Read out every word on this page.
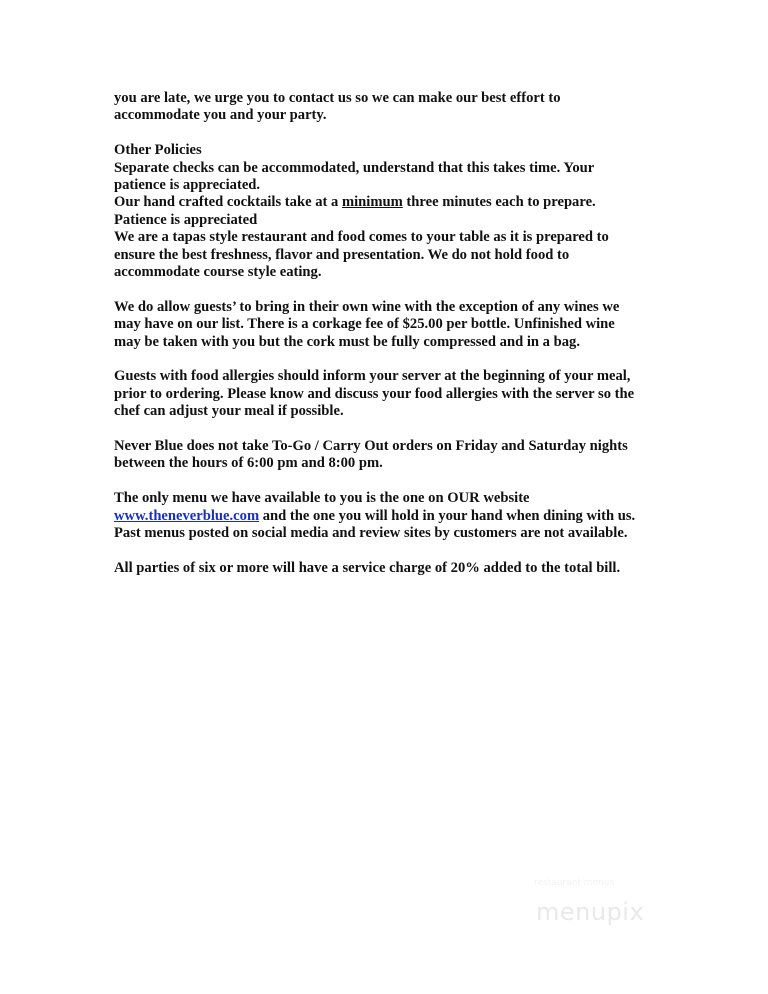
you are late, we urge you to contact us so we can make our best effort to
accommodate you and your party.
Other Policies
Separate checks can be accommodated, understand that this takes time. Your
patience is appreciated.
Our hand crafted cocktails take at a minimum three minutes each to prepare.
Patience is appreciated
We are a tapas style restaurant and food comes to your table as it is prepared to
ensure the best freshness, flavor and presentation. We do not hold food to
accommodate course style eating.
We do allow guests’ to bring in their own wine with the exception of any wines we
may have on our list. There is a corkage fee of $25.00 per bottle. Unfinished wine
may be taken with you but the cork must be fully compressed and in a bag.
Guests with food allergies should inform your server at the beginning of your meal,
prior to ordering. Please know and discuss your food allergies with the server so the
chef can adjust your meal if possible.
Never Blue does not take To-Go / Carry Out orders on Friday and Saturday nights
between the hours of 6:00 pm and 8:00 pm.
The only menu we have available to you is the one on OUR website
www.theneverblue.com and the one you will hold in your hand when dining with us.
Past menus posted on social media and review sites by customers are not available.
All parties of six or more will have a service charge of 20% added to the total bill.
restaurant menus
menupix
